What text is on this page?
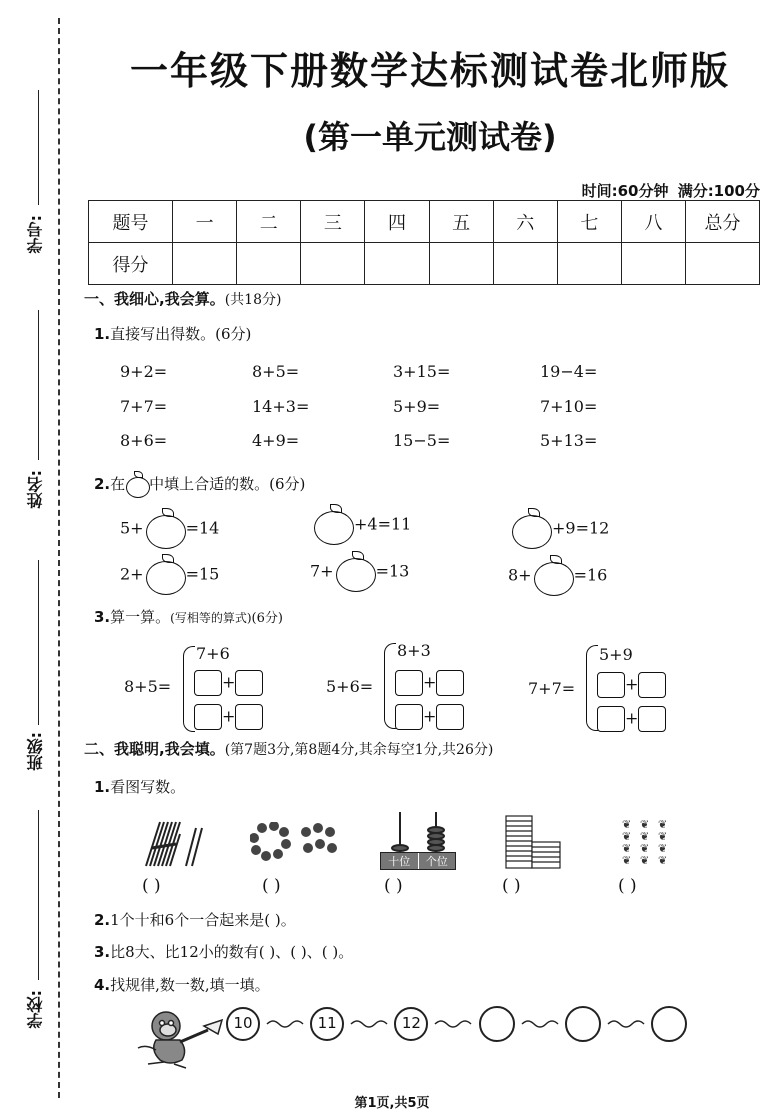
学号:
姓名:
班级:
学校:
一年级下册数学达标测试卷北师版
(第一单元测试卷)
时间:60分钟 满分:100分
题号	一	二	三	四	五	六	七	八	总分
得分									
一、我细心,我会算。(共18分)
1.直接写出得数。(6分)
9+2=	8+5=	3+15=	19−4=
7+7=	14+3=	5+9=	7+10=
8+6=	4+9=	15−5=	5+13=
2.在 中填上合适的数。(6分)
5+	=14	+4=11	+9=12
2+	=15	7+	=13	8+	=16
3.算一算。(写相等的算式)(6分)
8+5=
7+6
+
+
5+6=
8+3
+
+
7+7=
5+9
+
+
二、我聪明,我会填。(第7题3分,第8题4分,其余每空1分,共26分)
1.看图写数。
十位	个位
❦ ❦ ❦
❦ ❦ ❦
❦ ❦ ❦
❦ ❦ ❦
( )	( )	( )	( )	( )
2.1个十和6个一合起来是( )。
3.比8大、比12小的数有( )、( )、( )。
4.找规律,数一数,填一填。
10	11	12
第1页,共5页
